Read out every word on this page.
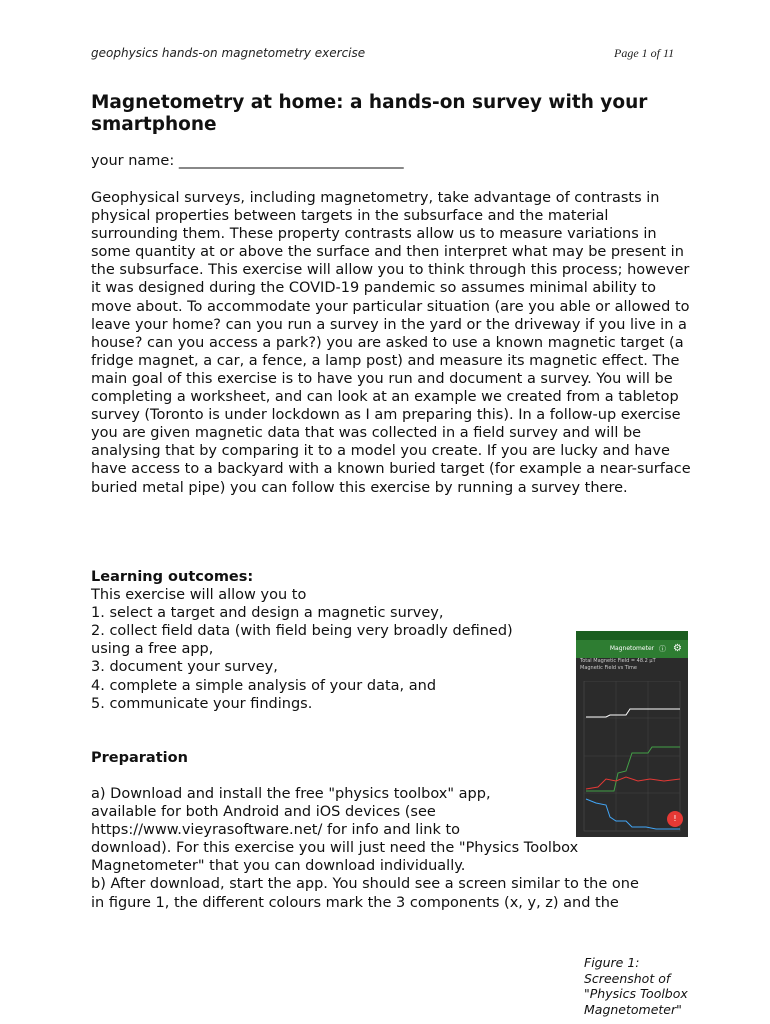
geophysics hands-on magnetometry exercise	Page 1 of 11
Magnetometry at home: a hands-on survey with your smartphone
your name: _______________________________

Geophysical surveys, including magnetometry, take advantage of contrasts in physical properties between targets in the subsurface and the material surrounding them. These property contrasts allow us to measure variations in some quantity at or above the surface and then interpret what may be present in the subsurface. This exercise will allow you to think through this process; however it was designed during the COVID-19 pandemic so assumes minimal ability to move about. To accommodate your particular situation (are you able or allowed to leave your home? can you run a survey in the yard or the driveway if you live in a house? can you access a park?) you are asked to use a known magnetic target (a fridge magnet, a car, a fence, a lamp post) and measure its magnetic effect. The main goal of this exercise is to have you run and document a survey. You will be completing a worksheet, and can look at an example we created from a tabletop survey (Toronto is under lockdown as I am preparing this). In a follow-up exercise you are given magnetic data that was collected in a field survey and will be analysing that by comparing it to a model you create. If you are lucky and have have access to a backyard with a known buried target (for example a near-surface buried metal pipe) you can follow this exercise by running a survey there.

Learning outcomes:
This exercise will allow you to
1. select a target and design a magnetic survey,
2. collect field data (with field being very broadly defined)
using a free app,
3. document your survey,
4. complete a simple analysis of your data, and
5. communicate your findings.
Preparation
a) Download and install the free "physics toolbox" app,
available for both Android and iOS devices (see
https://www.vieyrasoftware.net/ for info and link to
download). For this exercise you will just need the "Physics Toolbox
Magnetometer" that you can download individually.
b) After download, start the app. You should see a screen similar to the one
in figure 1, the different colours mark the 3 components (x, y, z) and the
Magnetometer ⓘ ⚙
Total Magnetic Field = 48.2 µT
Magnetic Field vs Time
!
Figure 1:
Screenshot of
"Physics Toolbox
Magnetometer"
